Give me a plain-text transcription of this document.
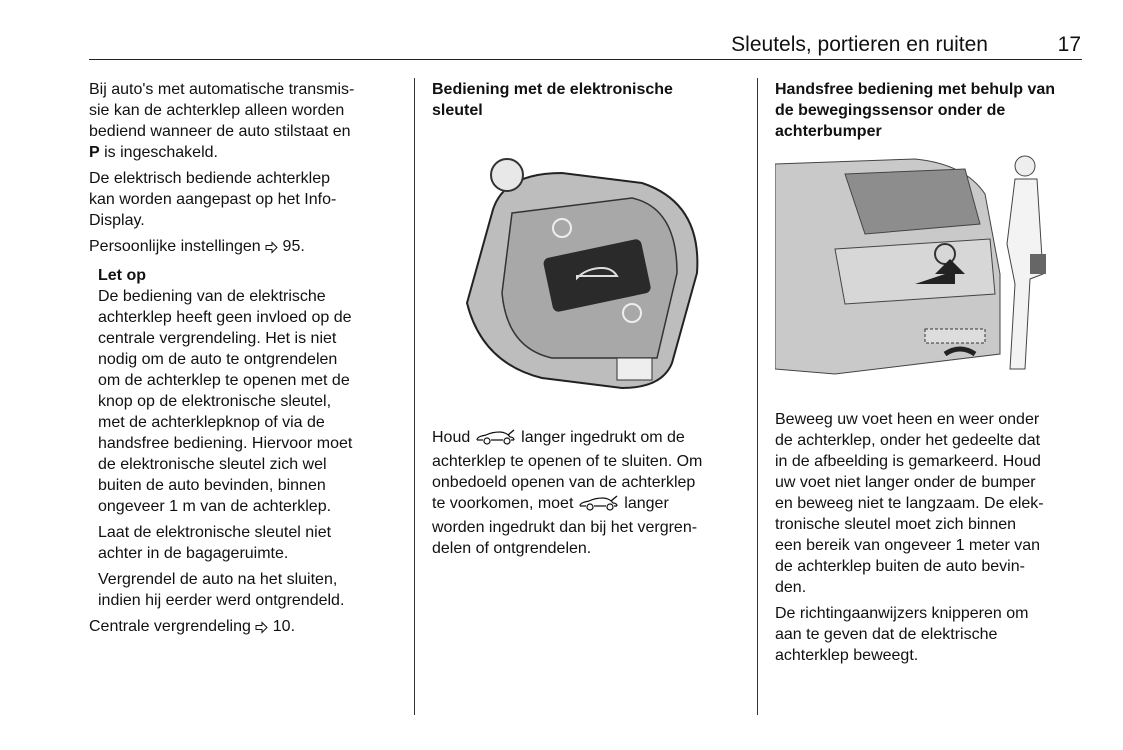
Sleutels, portieren en ruiten	17
Bij auto's met automatische transmis-
sie kan de achterklep alleen worden
bediend wanneer de auto stilstaat en
P is ingeschakeld.
De elektrisch bediende achterklep
kan worden aangepast op het Info-
Display.
Persoonlijke instellingen  95.
Let op
De bediening van de elektrische
achterklep heeft geen invloed op de
centrale vergrendeling. Het is niet
nodig om de auto te ontgrendelen
om de achterklep te openen met de
knop op de elektronische sleutel,
met de achterklepknop of via de
handsfree bediening. Hiervoor moet
de elektronische sleutel zich wel
buiten de auto bevinden, binnen
ongeveer 1 m van de achterklep.
Laat de elektronische sleutel niet
achter in de bagageruimte.
Vergrendel de auto na het sluiten,
indien hij eerder werd ontgrendeld.
Centrale vergrendeling  10.
Bediening met de elektronische
sleutel
Houd	langer ingedrukt om de
achterklep te openen of te sluiten. Om
onbedoeld openen van de achterklep
te voorkomen, moet	langer
worden ingedrukt dan bij het vergren-
delen of ontgrendelen.
Handsfree bediening met behulp van
de bewegingssensor onder de
achterbumper
Beweeg uw voet heen en weer onder
de achterklep, onder het gedeelte dat
in de afbeelding is gemarkeerd. Houd
uw voet niet langer onder de bumper
en beweeg niet te langzaam. De elek-
tronische sleutel moet zich binnen
een bereik van ongeveer 1 meter van
de achterklep buiten de auto bevin-
den.
De richtingaanwijzers knipperen om
aan te geven dat de elektrische
achterklep beweegt.
